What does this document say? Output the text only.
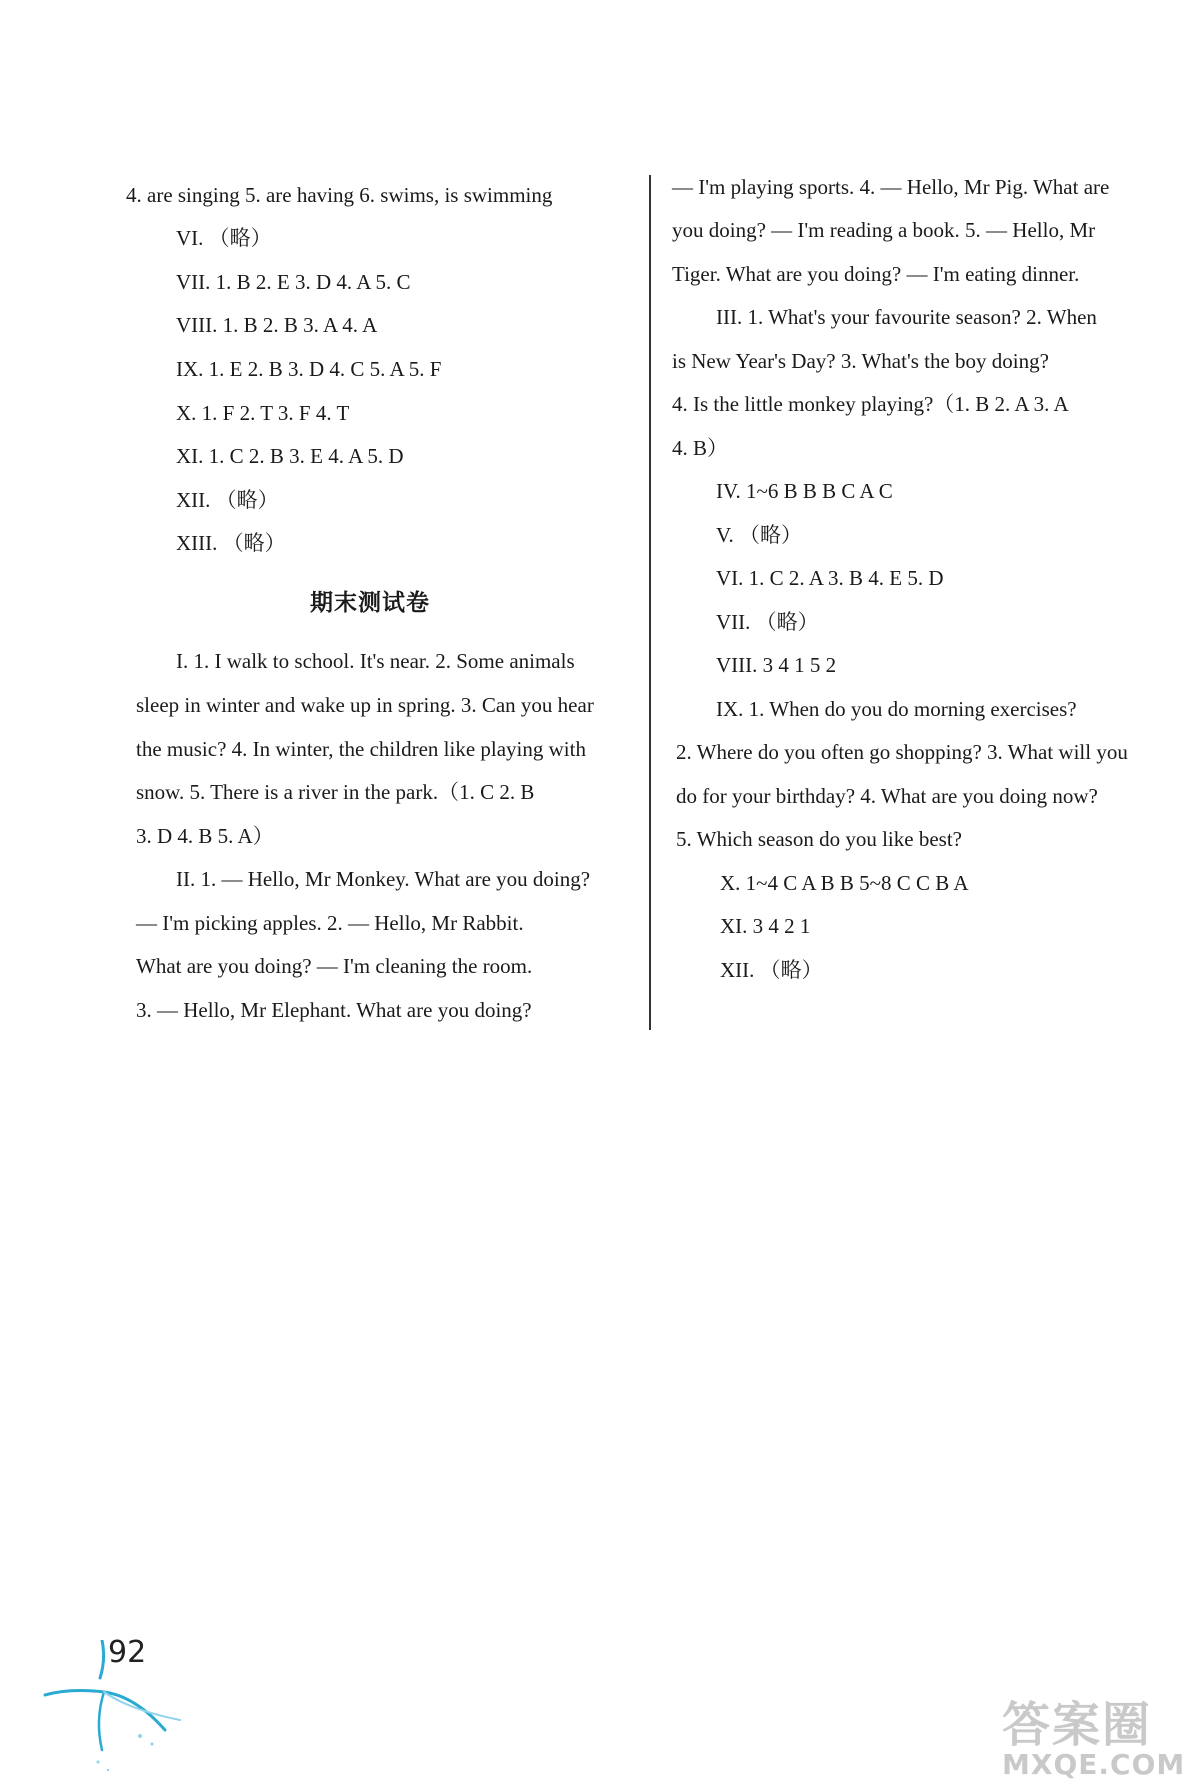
4. are singing 5. are having 6. swims, is swimming
VI. （略）
VII. 1. B 2. E 3. D 4. A 5. C
VIII. 1. B 2. B 3. A 4. A
IX. 1. E 2. B 3. D 4. C 5. A 5. F
X. 1. F 2. T 3. F 4. T
XI. 1. C 2. B 3. E 4. A 5. D
XII. （略）
XIII. （略）
期末测试卷
I. 1. I walk to school. It's near. 2. Some animals
sleep in winter and wake up in spring. 3. Can you hear
the music? 4. In winter, the children like playing with
snow. 5. There is a river in the park.（1. C 2. B
3. D 4. B 5. A）
II. 1. — Hello, Mr Monkey. What are you doing?
— I'm picking apples. 2. — Hello, Mr Rabbit.
What are you doing? — I'm cleaning the room.
3. — Hello, Mr Elephant. What are you doing?
— I'm playing sports. 4. — Hello, Mr Pig. What are
you doing? — I'm reading a book. 5. — Hello, Mr
Tiger. What are you doing? — I'm eating dinner.
III. 1. What's your favourite season? 2. When
is New Year's Day? 3. What's the boy doing?
4. Is the little monkey playing?（1. B 2. A 3. A
4. B）
IV. 1~6 B B B C A C
V. （略）
VI. 1. C 2. A 3. B 4. E 5. D
VII. （略）
VIII. 3 4 1 5 2
IX. 1. When do you do morning exercises?
2. Where do you often go shopping? 3. What will you
do for your birthday? 4. What are you doing now?
5. Which season do you like best?
X. 1~4 C A B B 5~8 C C B A
XI. 3 4 2 1
XII. （略）
92
答案圈
MXQE.COM
